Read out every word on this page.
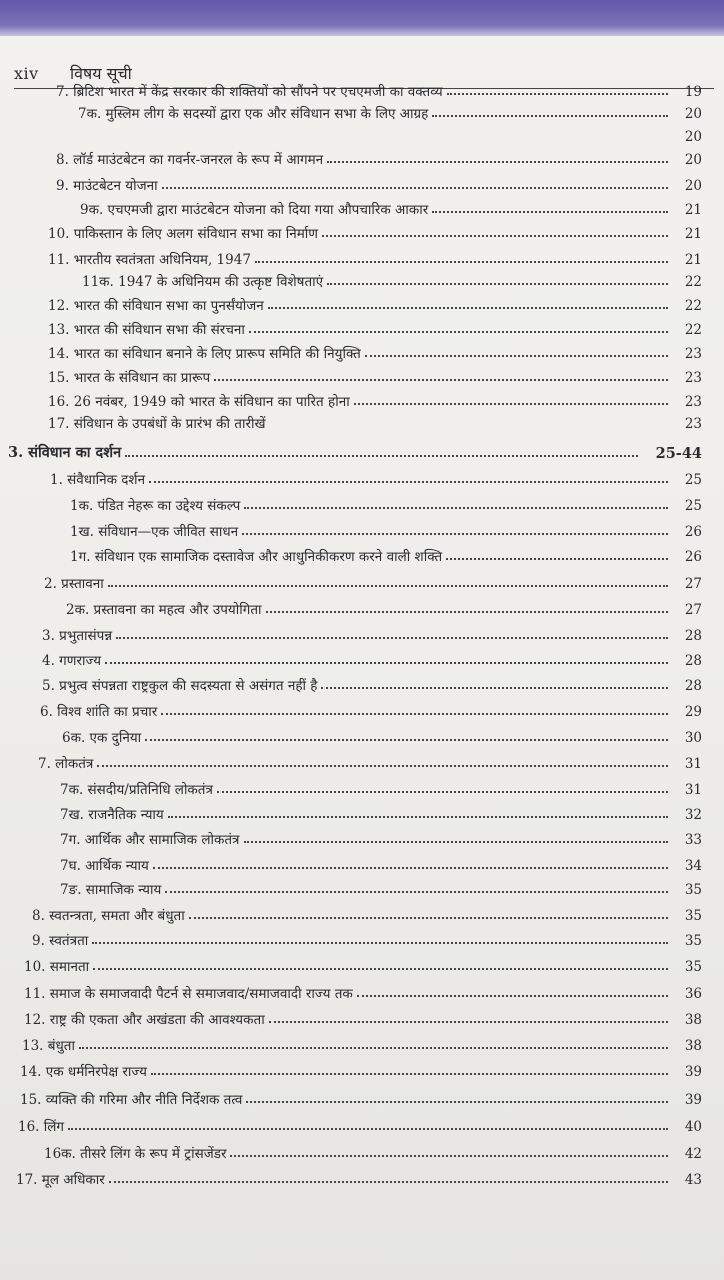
xiv विषय सूची
7. ब्रिटिश भारत में केंद्र सरकार की शक्तियों को सौंपने पर एचएमजी का वक्तव्य	19
7क. मुस्लिम लीग के सदस्यों द्वारा एक और संविधान सभा के लिए आग्रह	20
20
8. लॉर्ड माउंटबेटन का गवर्नर-जनरल के रूप में आगमन	20
9. माउंटबेटन योजना	20
9क. एचएमजी द्वारा माउंटबेटन योजना को दिया गया औपचारिक आकार	21
10. पाकिस्तान के लिए अलग संविधान सभा का निर्माण	21
11. भारतीय स्वतंत्रता अधिनियम, 1947	21
11क. 1947 के अधिनियम की उत्कृष्ट विशेषताएं	22
12. भारत की संविधान सभा का पुनर्संयोजन	22
13. भारत की संविधान सभा की संरचना	22
14. भारत का संविधान बनाने के लिए प्रारूप समिति की नियुक्ति	23
15. भारत के संविधान का प्रारूप	23
16. 26 नवंबर, 1949 को भारत के संविधान का पारित होना	23
17. संविधान के उपबंधों के प्रारंभ की तारीखें	23
3. संविधान का दर्शन	25-44
1. संवैधानिक दर्शन	25
1क. पंडित नेहरू का उद्देश्य संकल्प	25
1ख. संविधान—एक जीवित साधन	26
1ग. संविधान एक सामाजिक दस्तावेज और आधुनिकीकरण करने वाली शक्ति	26
2. प्रस्तावना	27
2क. प्रस्तावना का महत्व और उपयोगिता	27
3. प्रभुतासंपन्न	28
4. गणराज्य	28
5. प्रभुत्व संपन्नता राष्ट्रकुल की सदस्यता से असंगत नहीं है	28
6. विश्व शांति का प्रचार	29
6क. एक दुनिया	30
7. लोकतंत्र	31
7क. संसदीय/प्रतिनिधि लोकतंत्र	31
7ख. राजनैतिक न्याय	32
7ग. आर्थिक और सामाजिक लोकतंत्र	33
7घ. आर्थिक न्याय	34
7ङ. सामाजिक न्याय	35
8. स्वतन्त्रता, समता और बंधुता	35
9. स्वतंत्रता	35
10. समानता	35
11. समाज के समाजवादी पैटर्न से समाजवाद/समाजवादी राज्य तक	36
12. राष्ट्र की एकता और अखंडता की आवश्यकता	38
13. बंधुता	38
14. एक धर्मनिरपेक्ष राज्य	39
15. व्यक्ति की गरिमा और नीति निर्देशक तत्व	39
16. लिंग	40
16क. तीसरे लिंग के रूप में ट्रांसजेंडर	42
17. मूल अधिकार	43
